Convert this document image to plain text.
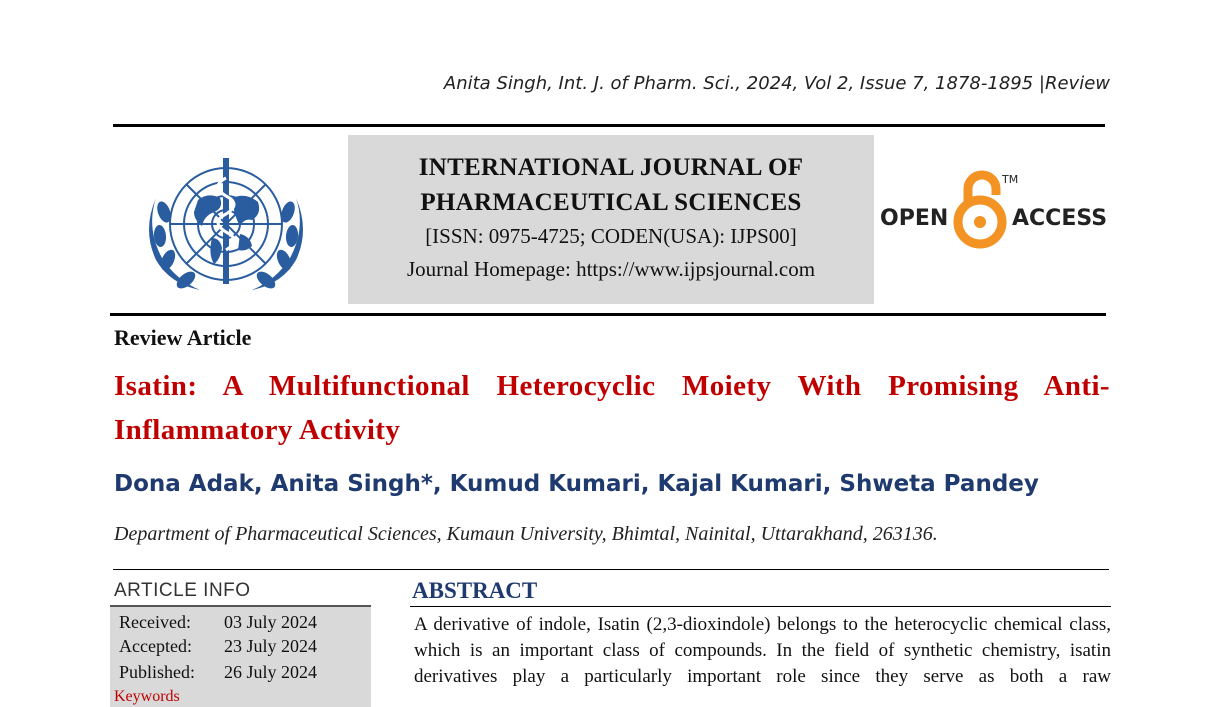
Anita Singh, Int. J. of Pharm. Sci., 2024, Vol 2, Issue 7, 1878-1895 |Review
INTERNATIONAL JOURNAL OF
PHARMACEUTICAL SCIENCES
[ISSN: 0975-4725; CODEN(USA): IJPS00]
Journal Homepage: https://www.ijpsjournal.com
OPEN
TM
ACCESS
Review Article
Isatin: A Multifunctional Heterocyclic Moiety With Promising Anti-Inflammatory Activity
Dona Adak, Anita Singh*, Kumud Kumari, Kajal Kumari, Shweta Pandey
Department of Pharmaceutical Sciences, Kumaun University, Bhimtal, Nainital, Uttarakhand, 263136.
ARTICLE INFO
Received: 03 July 2024
Accepted: 23 July 2024
Published: 26 July 2024
Keywords
ABSTRACT
A derivative of indole, Isatin (2,3-dioxindole) belongs to the heterocyclic chemical class, which is an important class of compounds. In the field of synthetic chemistry, isatin derivatives play a particularly important role since they serve as both a raw
